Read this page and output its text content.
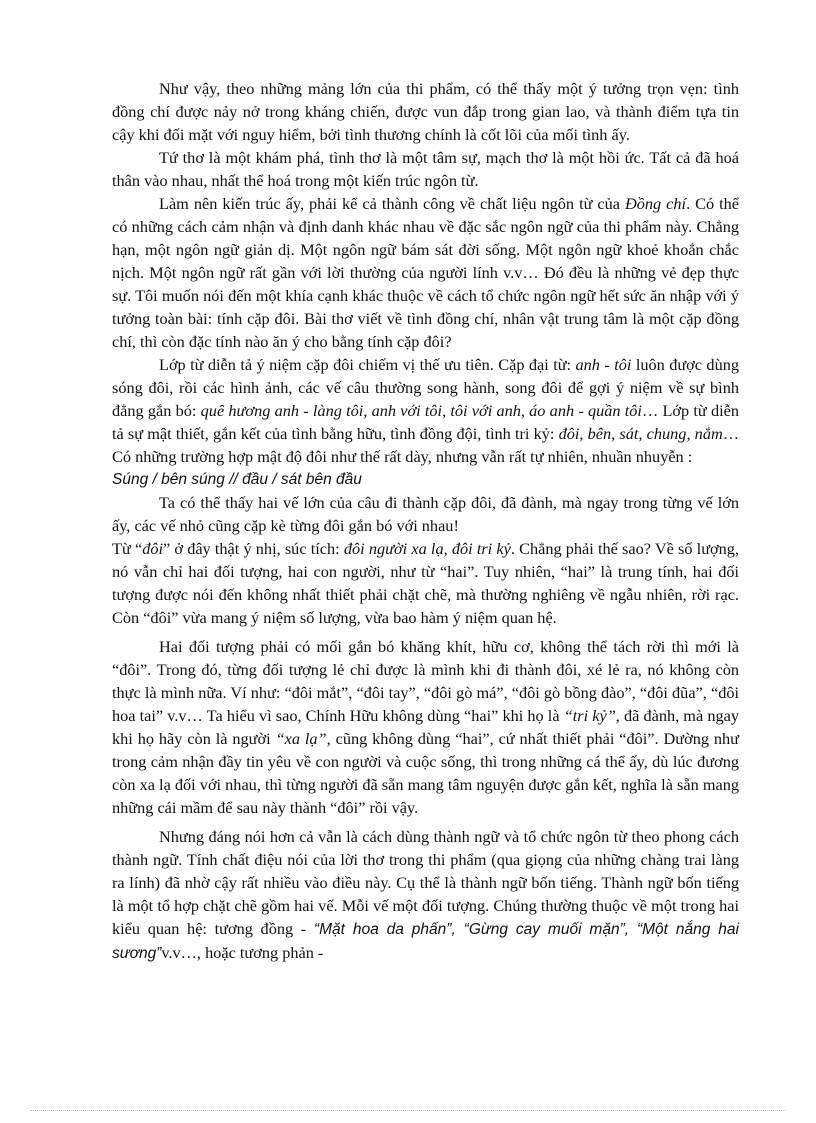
Như vậy, theo những mảng lớn của thi phẩm, có thể thấy một ý tưởng trọn vẹn: tình đồng chí được nảy nở trong kháng chiến, được vun đắp trong gian lao, và thành điểm tựa tin cậy khi đối mặt với nguy hiểm, bởi tình thương chính là cốt lõi của mối tình ấy.

Tứ thơ là một khám phá, tình thơ là một tâm sự, mạch thơ là một hồi ức. Tất cả đã hoá thân vào nhau, nhất thể hoá trong một kiến trúc ngôn từ.

Làm nên kiến trúc ấy, phải kể cả thành công về chất liệu ngôn từ của Đồng chí. Có thể có những cách cảm nhận và định danh khác nhau về đặc sắc ngôn ngữ của thi phẩm này. Chẳng hạn, một ngôn ngữ giản dị. Một ngôn ngữ bám sát đời sống. Một ngôn ngữ khoẻ khoắn chắc nịch. Một ngôn ngữ rất gần với lời thường của người lính v.v… Đó đều là những vẻ đẹp thực sự. Tôi muốn nói đến một khía cạnh khác thuộc về cách tổ chức ngôn ngữ hết sức ăn nhập với ý tưởng toàn bài: tính cặp đôi. Bài thơ viết về tình đồng chí, nhân vật trung tâm là một cặp đồng chí, thì còn đặc tính nào ăn ý cho bằng tính cặp đôi?

Lớp từ diễn tả ý niệm cặp đôi chiếm vị thế ưu tiên. Cặp đại từ: anh - tôi luôn được dùng sóng đôi, rồi các hình ảnh, các vế câu thường song hành, song đôi để gợi ý niệm về sự bình đẳng gắn bó: quê hương anh - làng tôi, anh với tôi, tôi với anh, áo anh - quần tôi… Lớp từ diễn tả sự mật thiết, gắn kết của tình bằng hữu, tình đồng đội, tình tri kỷ: đôi, bên, sát, chung, nắm… Có những trường hợp mật độ đôi như thế rất dày, nhưng vẫn rất tự nhiên, nhuần nhuyễn :

Súng / bên súng // đầu / sát bên đầu

Ta có thể thấy hai vế lớn của câu đi thành cặp đôi, đã đành, mà ngay trong từng vế lớn ấy, các vế nhỏ cũng cặp kè từng đôi gắn bó với nhau!

Từ “đôi” ở đây thật ý nhị, súc tích: đôi người xa lạ, đôi tri kỷ. Chẳng phải thế sao? Về số lượng, nó vẫn chỉ hai đối tượng, hai con người, như từ “hai”. Tuy nhiên, “hai” là trung tính, hai đối tượng được nói đến không nhất thiết phải chặt chẽ, mà thường nghiêng về ngẫu nhiên, rời rạc. Còn “đôi” vừa mang ý niệm số lượng, vừa bao hàm ý niệm quan hệ.

Hai đối tượng phải có mối gắn bó khăng khít, hữu cơ, không thể tách rời thì mới là “đôi”. Trong đó, từng đối tượng lẻ chỉ được là mình khi đi thành đôi, xé lẻ ra, nó không còn thực là mình nữa. Ví như: “đôi mắt”, “đôi tay”, “đôi gò má”, “đôi gò bồng đào”, “đôi đũa”, “đôi hoa tai” v.v… Ta hiểu vì sao, Chính Hữu không dùng “hai” khi họ là “tri kỷ”, đã đành, mà ngay khi họ hãy còn là người “xa lạ”, cũng không dùng “hai”, cứ nhất thiết phải “đôi”. Dường như trong cảm nhận đầy tin yêu về con người và cuộc sống, thì trong những cá thể ấy, dù lúc đương còn xa lạ đối với nhau, thì từng người đã sẵn mang tâm nguyện được gắn kết, nghĩa là sẵn mang những cái mầm để sau này thành “đôi” rồi vậy.

Nhưng đáng nói hơn cả vẫn là cách dùng thành ngữ và tổ chức ngôn từ theo phong cách thành ngữ. Tính chất điệu nói của lời thơ trong thi phẩm (qua giọng của những chàng trai làng ra lính) đã nhờ cậy rất nhiều vào điều này. Cụ thể là thành ngữ bốn tiếng. Thành ngữ bốn tiếng là một tổ hợp chặt chẽ gồm hai vế. Mỗi vế một đối tượng. Chúng thường thuộc về một trong hai kiểu quan hệ: tương đồng - “Mặt hoa da phấn”, “Gừng cay muối mặn”, “Một nắng hai sương”v.v…, hoặc tương phản -
